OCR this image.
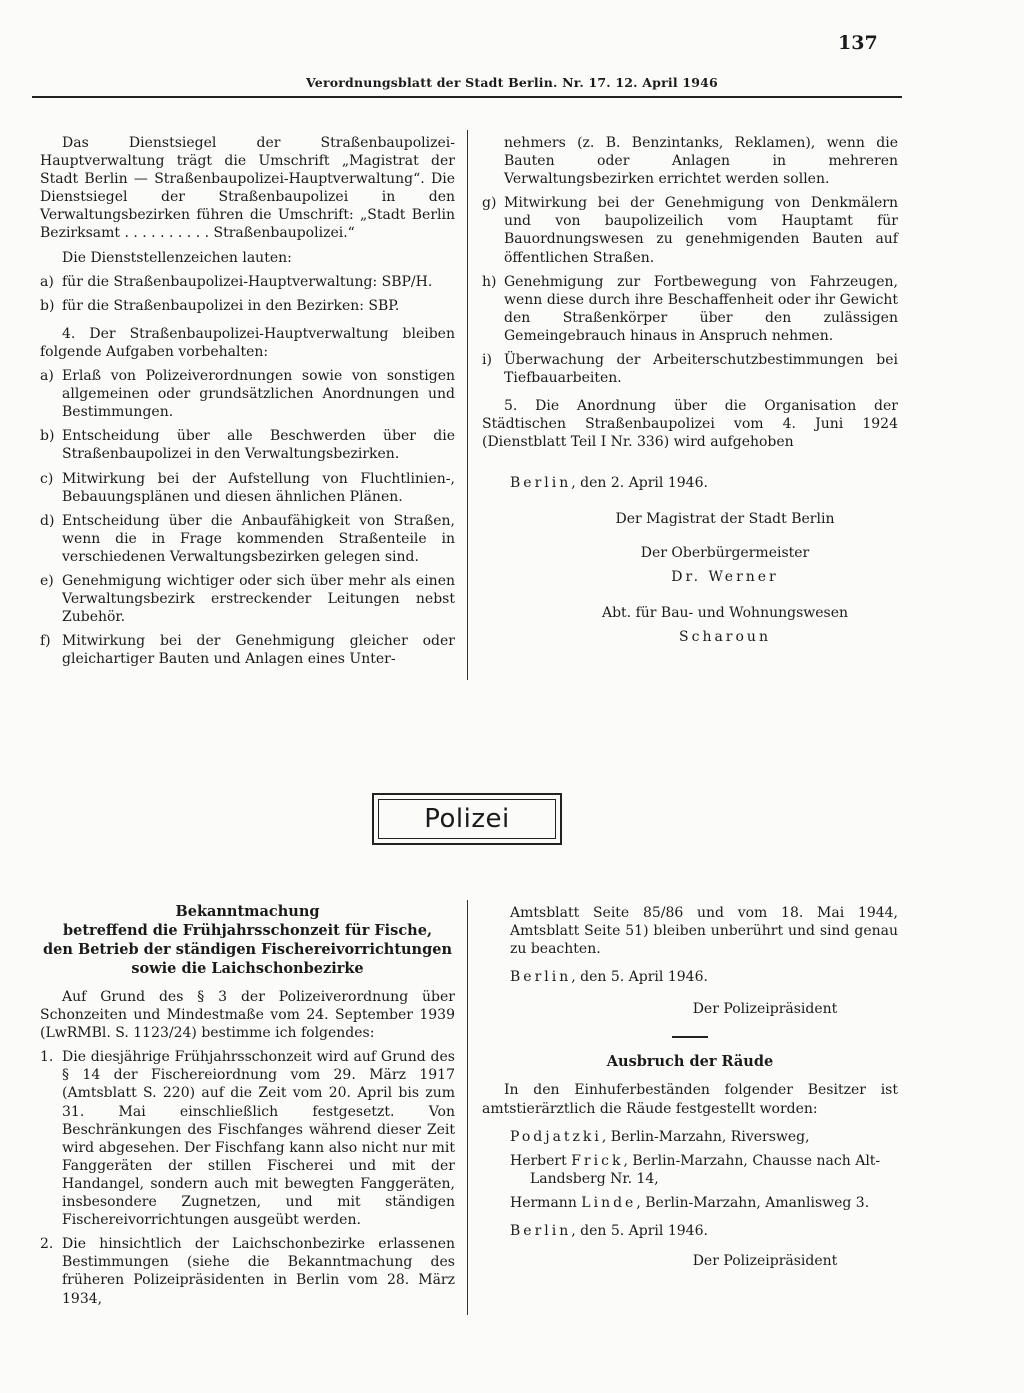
137
Verordnungsblatt der Stadt Berlin. Nr. 17. 12. April 1946

Das Dienstsiegel der Straßenbaupolizei-Hauptverwaltung trägt die Umschrift „Magistrat der Stadt Berlin — Straßenbaupolizei-Hauptverwaltung“. Die Dienstsiegel der Straßenbaupolizei in den Verwaltungsbezirken führen die Umschrift: „Stadt Berlin Bezirksamt . . . . . . . . . . Straßenbaupolizei.“

Die Dienststellenzeichen lauten:

a) für die Straßenbaupolizei-Hauptverwaltung: SBP/H.
b) für die Straßenbaupolizei in den Bezirken: SBP.

4. Der Straßenbaupolizei-Hauptverwaltung bleiben folgende Aufgaben vorbehalten:

a) Erlaß von Polizeiverordnungen sowie von sonstigen allgemeinen oder grundsätzlichen Anordnungen und Bestimmungen.
b) Entscheidung über alle Beschwerden über die Straßenbaupolizei in den Verwaltungsbezirken.
c) Mitwirkung bei der Aufstellung von Fluchtlinien-, Bebauungsplänen und diesen ähnlichen Plänen.
d) Entscheidung über die Anbaufähigkeit von Straßen, wenn die in Frage kommenden Straßenteile in verschiedenen Verwaltungsbezirken gelegen sind.
e) Genehmigung wichtiger oder sich über mehr als einen Verwaltungsbezirk erstreckender Leitungen nebst Zubehör.
f) Mitwirkung bei der Genehmigung gleicher oder gleichartiger Bauten und Anlagen eines Unter-

nehmers (z. B. Benzintanks, Reklamen), wenn die Bauten oder Anlagen in mehreren Verwaltungsbezirken errichtet werden sollen.

g) Mitwirkung bei der Genehmigung von Denkmälern und von baupolizeilich vom Hauptamt für Bauordnungswesen zu genehmigenden Bauten auf öffentlichen Straßen.
h) Genehmigung zur Fortbewegung von Fahrzeugen, wenn diese durch ihre Beschaffenheit oder ihr Gewicht den Straßenkörper über den zulässigen Gemeingebrauch hinaus in Anspruch nehmen.
i) Überwachung der Arbeiterschutzbestimmungen bei Tiefbauarbeiten.

5. Die Anordnung über die Organisation der Städtischen Straßenbaupolizei vom 4. Juni 1924 (Dienstblatt Teil I Nr. 336) wird aufgehoben

Berlin, den 2. April 1946.

Der Magistrat der Stadt Berlin

Der Oberbürgermeister

Dr. Werner

Abt. für Bau- und Wohnungswesen

Scharoun

Polizei

Bekanntmachung

betreffend die Frühjahrsschonzeit für Fische,

den Betrieb der ständigen Fischereivorrichtungen

sowie die Laichschonbezirke

Auf Grund des § 3 der Polizeiverordnung über Schonzeiten und Mindestmaße vom 24. September 1939 (LwRMBl. S. 1123/24) bestimme ich folgendes:

1. Die diesjährige Frühjahrsschonzeit wird auf Grund des § 14 der Fischereiordnung vom 29. März 1917 (Amtsblatt S. 220) auf die Zeit vom 20. April bis zum 31. Mai einschließlich festgesetzt. Von Beschränkungen des Fischfanges während dieser Zeit wird abgesehen. Der Fischfang kann also nicht nur mit Fanggeräten der stillen Fischerei und mit der Handangel, sondern auch mit bewegten Fanggeräten, insbesondere Zugnetzen, und mit ständigen Fischereivorrichtungen ausgeübt werden.
2. Die hinsichtlich der Laichschonbezirke erlassenen Bestimmungen (siehe die Bekanntmachung des früheren Polizeipräsidenten in Berlin vom 28. März 1934,

Amtsblatt Seite 85/86 und vom 18. Mai 1944, Amtsblatt Seite 51) bleiben unberührt und sind genau zu beachten.

Berlin, den 5. April 1946.

Der Polizeipräsident

Ausbruch der Räude

In den Einhuferbeständen folgender Besitzer ist amtstierärztlich die Räude festgestellt worden:

Podjatzki, Berlin-Marzahn, Riversweg,

Herbert Frick, Berlin-Marzahn, Chausse nach Alt-Landsberg Nr. 14,

Hermann Linde, Berlin-Marzahn, Amanlisweg 3.

Berlin, den 5. April 1946.

Der Polizeipräsident
